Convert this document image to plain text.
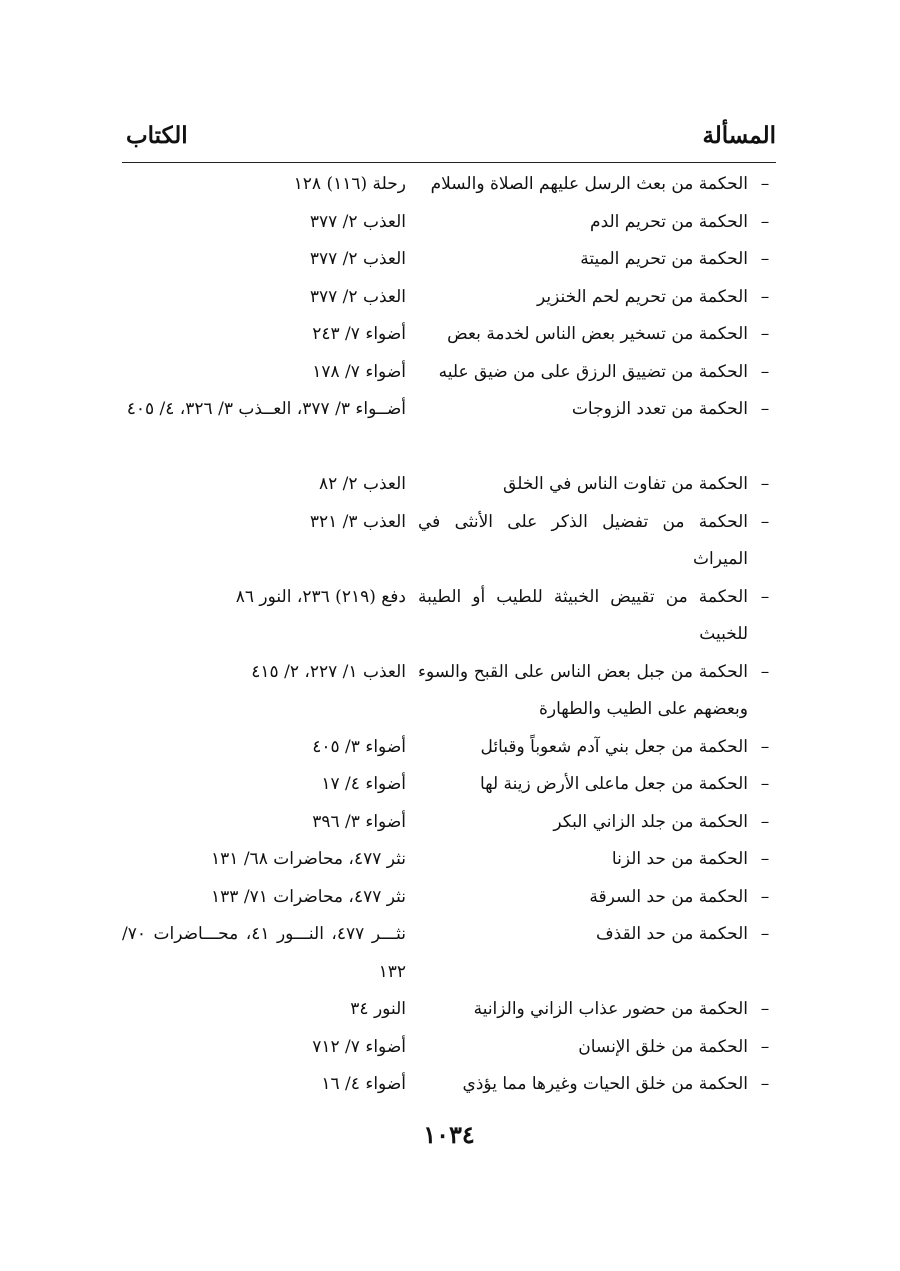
المسألة
الكتاب
–
الحكمة من بعث الرسل عليهم الصلاة والسلام
رحلة (١١٦) ١٢٨
–
الحكمة من تحريم الدم
العذب ٢/ ٣٧٧
–
الحكمة من تحريم الميتة
العذب ٢/ ٣٧٧
–
الحكمة من تحريم لحم الخنزير
العذب ٢/ ٣٧٧
–
الحكمة من تسخير بعض الناس لخدمة بعض
أضواء ٧/ ٢٤٣
–
الحكمة من تضييق الرزق على من ضيق عليه
أضواء ٧/ ١٧٨
–
الحكمة من تعدد الزوجات
أضــواء ٣/ ٣٧٧، العــذب ٣/ ٣٢٦، ٤/ ٤٠٥
–
الحكمة من تفاوت الناس في الخلق
العذب ٢/ ٨٢
–
الحكمة من تفضيل الذكر على الأنثى في الميراث
العذب ٣/ ٣٢١
–
الحكمة من تقييض الخبيثة للطيب أو الطيبة للخبيث
دفع (٢١٩) ٢٣٦، النور ٨٦
–
الحكمة من جبل بعض الناس على القبح والسوء وبعضهم على الطيب والطهارة
العذب ١/ ٢٢٧، ٢/ ٤١٥
–
الحكمة من جعل بني آدم شعوباً وقبائل
أضواء ٣/ ٤٠٥
–
الحكمة من جعل ماعلى الأرض زينة لها
أضواء ٤/ ١٧
–
الحكمة من جلد الزاني البكر
أضواء ٣/ ٣٩٦
–
الحكمة من حد الزنا
نثر ٤٧٧، محاضرات ٦٨/ ١٣١
–
الحكمة من حد السرقة
نثر ٤٧٧، محاضرات ٧١/ ١٣٣
–
الحكمة من حد القذف
نثـــر ٤٧٧، النـــور ٤١، محـــاضرات ٧٠/ ١٣٢
–
الحكمة من حضور عذاب الزاني والزانية
النور ٣٤
–
الحكمة من خلق الإنسان
أضواء ٧/ ٧١٢
–
الحكمة من خلق الحيات وغيرها مما يؤذي
أضواء ٤/ ١٦
١٠٣٤
